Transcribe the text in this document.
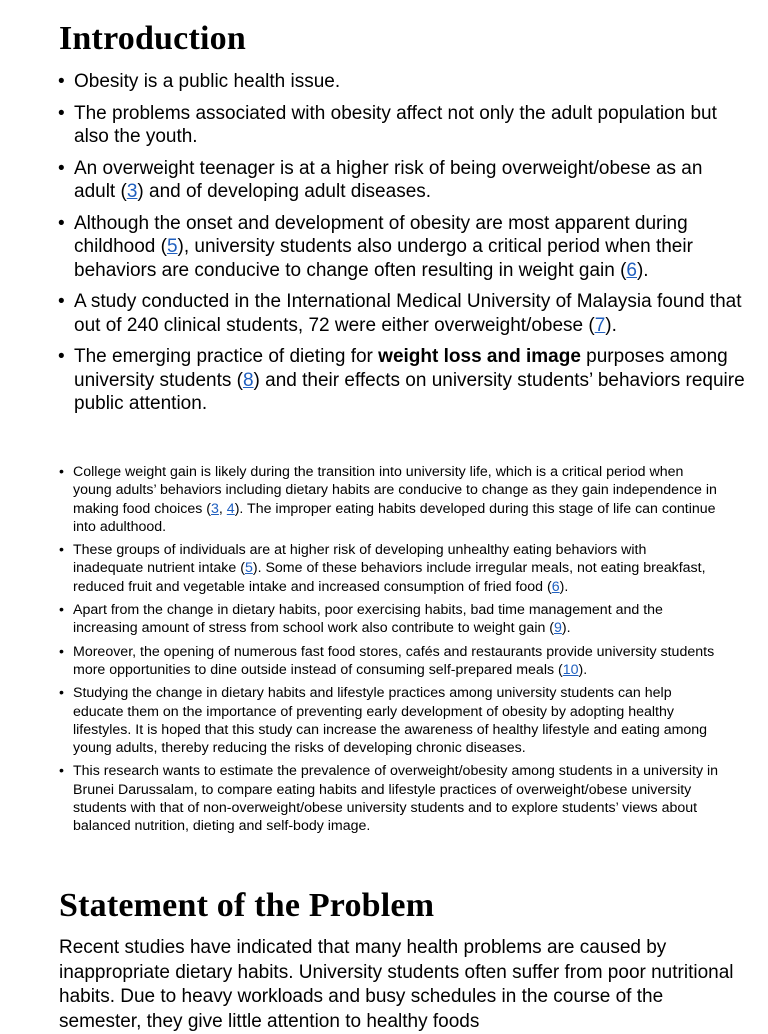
Introduction
• Obesity is a public health issue.
• The problems associated with obesity affect not only the adult population but also the youth.
• An overweight teenager is at a higher risk of being overweight/obese as an adult (3) and of developing adult diseases.
• Although the onset and development of obesity are most apparent during childhood (5), university students also undergo a critical period when their behaviors are conducive to change often resulting in weight gain (6).
• A study conducted in the International Medical University of Malaysia found that out of 240 clinical students, 72 were either overweight/obese (7).
• The emerging practice of dieting for weight loss and image purposes among university students (8) and their effects on university students’ behaviors require public attention.
• College weight gain is likely during the transition into university life, which is a critical period when young adults’ behaviors including dietary habits are conducive to change as they gain independence in making food choices (3, 4). The improper eating habits developed during this stage of life can continue into adulthood.
• These groups of individuals are at higher risk of developing unhealthy eating behaviors with inadequate nutrient intake (5). Some of these behaviors include irregular meals, not eating breakfast, reduced fruit and vegetable intake and increased consumption of fried food (6).
• Apart from the change in dietary habits, poor exercising habits, bad time management and the increasing amount of stress from school work also contribute to weight gain (9).
• Moreover, the opening of numerous fast food stores, cafés and restaurants provide university students more opportunities to dine outside instead of consuming self-prepared meals (10).
• Studying the change in dietary habits and lifestyle practices among university students can help educate them on the importance of preventing early development of obesity by adopting healthy lifestyles. It is hoped that this study can increase the awareness of healthy lifestyle and eating among young adults, thereby reducing the risks of developing chronic diseases.
• This research wants to estimate the prevalence of overweight/obesity among students in a university in Brunei Darussalam, to compare eating habits and lifestyle practices of overweight/obese university students with that of non-overweight/obese university students and to explore students’ views about balanced nutrition, dieting and self-body image.
Statement of the Problem

Recent studies have indicated that many health problems are caused by inappropriate dietary habits. University students often suffer from poor nutritional habits. Due to heavy workloads and busy schedules in the course of the semester, they give little attention to healthy foods
